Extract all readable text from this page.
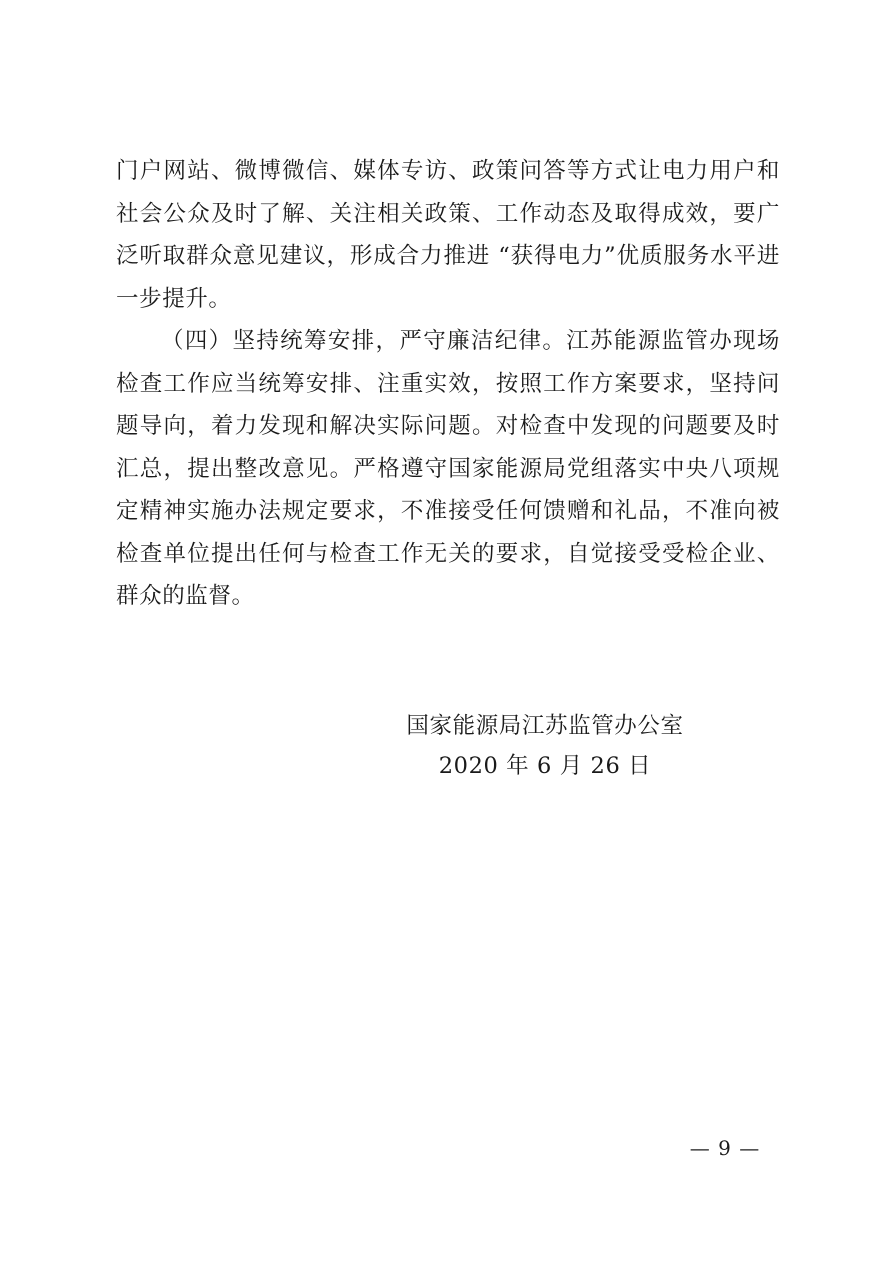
门户网站、微博微信、媒体专访、政策问答等方式让电力用户和社会公众及时了解、关注相关政策、工作动态及取得成效，要广泛听取群众意见建议，形成合力推进 “获得电力”优质服务水平进一步提升。

（四）坚持统筹安排，严守廉洁纪律。江苏能源监管办现场检查工作应当统筹安排、注重实效，按照工作方案要求，坚持问题导向，着力发现和解决实际问题。对检查中发现的问题要及时汇总，提出整改意见。严格遵守国家能源局党组落实中央八项规定精神实施办法规定要求，不准接受任何馈赠和礼品，不准向被检查单位提出任何与检查工作无关的要求，自觉接受受检企业、群众的监督。

国家能源局江苏监管办公室
2020 年 6 月 26 日
— 9 —
